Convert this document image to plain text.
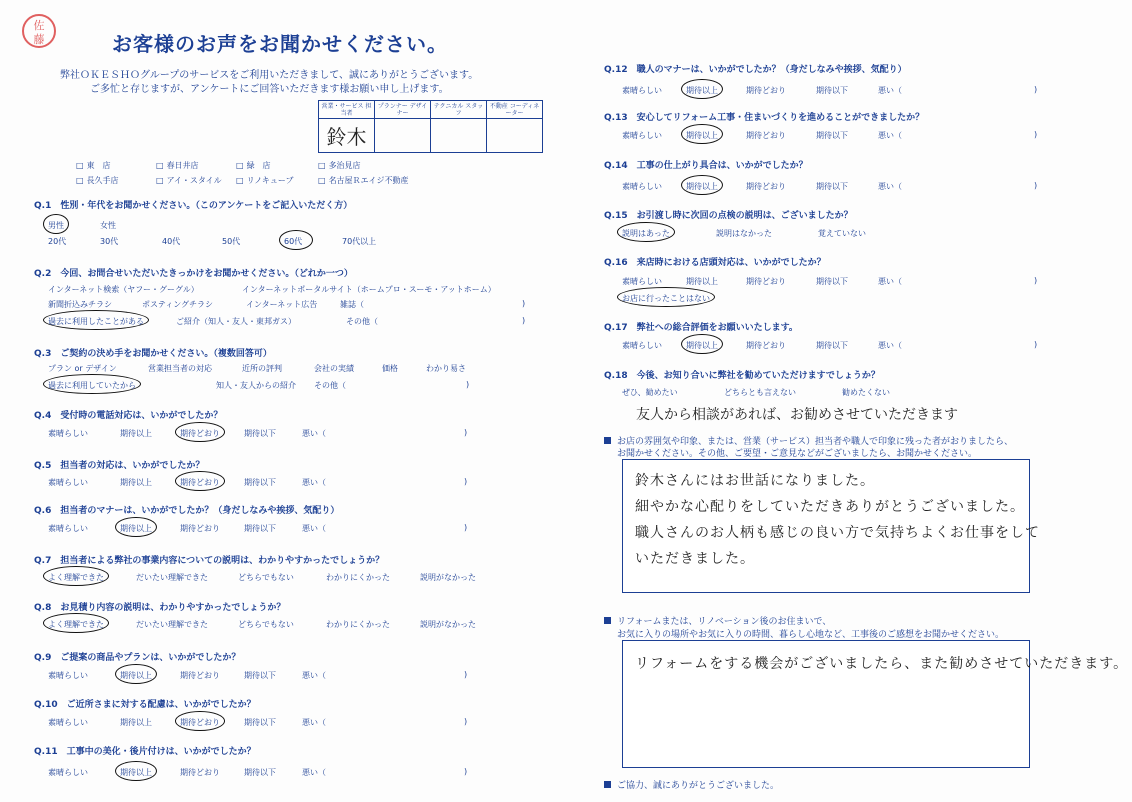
佐
藤	お客様のお声をお聞かせください。
弊社ＯＫＥＳＨＯグループのサービスをご利用いただきまして、誠にありがとうございます。
ご多忙と存じますが、アンケートにご回答いただきます様お願い申し上げます。
営業・サービス 担当者	プランナー デザイナー	テクニカル スタッフ	不動産 コーディネーター
鈴木			
□ 東　店	□ 春日井店	□ 緑　店	□ 多治見店
□ 長久手店	□ アイ・スタイル	□ リノキューブ	□ 名古屋Ｒエイジ不動産
Q.1　性別・年代をお聞かせください。（このアンケートをご記入いただく方）
男性	女性
20代	30代	40代	50代	60代	70代以上
Q.2　今回、お問合せいただいたきっかけをお聞かせください。（どれか一つ）
インターネット検索（ヤフー・グーグル）	インターネットポータルサイト（ホームプロ・スーモ・アットホーム）
新聞折込みチラシ	ポスティングチラシ	インターネット広告	雑誌（	)
過去に利用したことがある	ご紹介（知人・友人・東邦ガス）	その他（	)
Q.3　ご契約の決め手をお聞かせください。（複数回答可）
プラン or デザイン	営業担当者の対応	近所の評判	会社の実績	価格	わかり易さ
過去に利用していたから	知人・友人からの紹介 その他（	)
Q.4　受付時の電話対応は、いかがでしたか？
素晴らしい	期待以上	期待どおり	期待以下	悪い（	)
Q.5　担当者の対応は、いかがでしたか？
素晴らしい	期待以上	期待どおり	期待以下	悪い（	)
Q.6　担当者のマナーは、いかがでしたか？（身だしなみや挨拶、気配り）
素晴らしい	期待以上	期待どおり	期待以下	悪い（	)
Q.7　担当者による弊社の事業内容についての説明は、わかりやすかったでしょうか？
よく理解できた	だいたい理解できた	どちらでもない	わかりにくかった	説明がなかった
Q.8　お見積り内容の説明は、わかりやすかったでしょうか？
よく理解できた	だいたい理解できた	どちらでもない	わかりにくかった	説明がなかった
Q.9　ご提案の商品やプランは、いかがでしたか？
素晴らしい	期待以上	期待どおり	期待以下	悪い（	)
Q.10　ご近所さまに対する配慮は、いかがでしたか？
素晴らしい	期待以上	期待どおり	期待以下	悪い（	)
Q.11　工事中の美化・後片付けは、いかがでしたか？
素晴らしい	期待以上	期待どおり	期待以下	悪い（	)
Q.12　職人のマナーは、いかがでしたか？（身だしなみや挨拶、気配り）
素晴らしい	期待以上	期待どおり	期待以下	悪い（	)
Q.13　安心してリフォーム工事・住まいづくりを進めることができましたか？
素晴らしい	期待以上	期待どおり	期待以下	悪い（	)
Q.14　工事の仕上がり具合は、いかがでしたか？
素晴らしい	期待以上	期待どおり	期待以下	悪い（	)
Q.15　お引渡し時に次回の点検の説明は、ございましたか？
説明はあった	説明はなかった	覚えていない
Q.16　来店時における店頭対応は、いかがでしたか？
素晴らしい	期待以上	期待どおり	期待以下	悪い（	)
お店に行ったことはない
Q.17　弊社への総合評価をお願いいたします。
素晴らしい	期待以上	期待どおり	期待以下	悪い（	)
Q.18　今後、お知り合いに弊社を勧めていただけますでしょうか？
ぜひ、勧めたい	どちらとも言えない	勧めたくない
友人から相談があれば、お勧めさせていただきます
お店の雰囲気や印象、または、営業（サービス）担当者や職人で印象に残った者がおりましたら、
お聞かせください。その他、ご要望・ご意見などがございましたら、お聞かせください。
鈴木さんにはお世話になりました。
細やかな心配りをしていただきありがとうございました。
職人さんのお人柄も感じの良い方で気持ちよくお仕事をして
いただきました。
リフォームまたは、リノベーション後のお住まいで、
お気に入りの場所やお気に入りの時間、暮らし心地など、工事後のご感想をお聞かせください。
リフォームをする機会がございましたら、また勧めさせていただきます。
ご協力、誠にありがとうございました。
